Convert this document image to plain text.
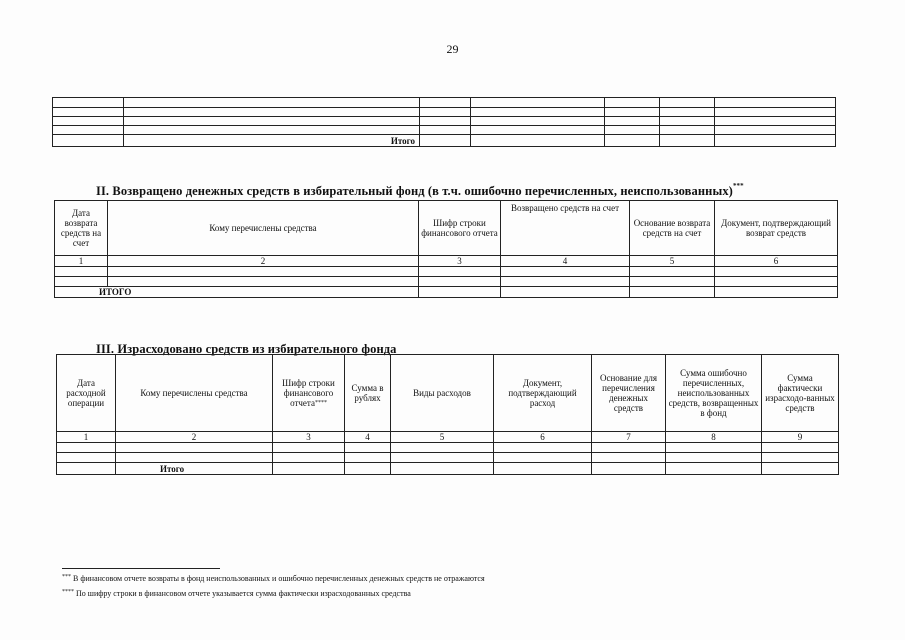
29

	Итого					
II. Возвращено денежных средств в избирательный фонд (в т.ч. ошибочно перечисленных, неиспользованных)***
Дата возврата средств на счет	Кому перечислены средства	Шифр строки финансового отчета	Возвращено средств на счет	Основание возврата средств на счет	Документ, подтверждающий возврат средств
1	2	3	4	5	6

ИТОГО					
III. Израсходовано средств из избирательного фонда
Дата расходной операции	Кому перечислены средства	Шифр строки финансового отчета****	Сумма в рублях	Виды расходов	Документ, подтверждающий расход	Основание для перечисления денежных средств	Сумма ошибочно перечисленных, неиспользованных средств, возвращенных в фонд	Сумма фактически израсходо-ванных средств
1	2	3	4	5	6	7	8	9

	Итого							
*** В финансовом отчете возвраты в фонд неиспользованных и ошибочно перечисленных денежных средств не отражаются
**** По шифру строки в финансовом отчете указывается сумма фактически израсходованных средства
